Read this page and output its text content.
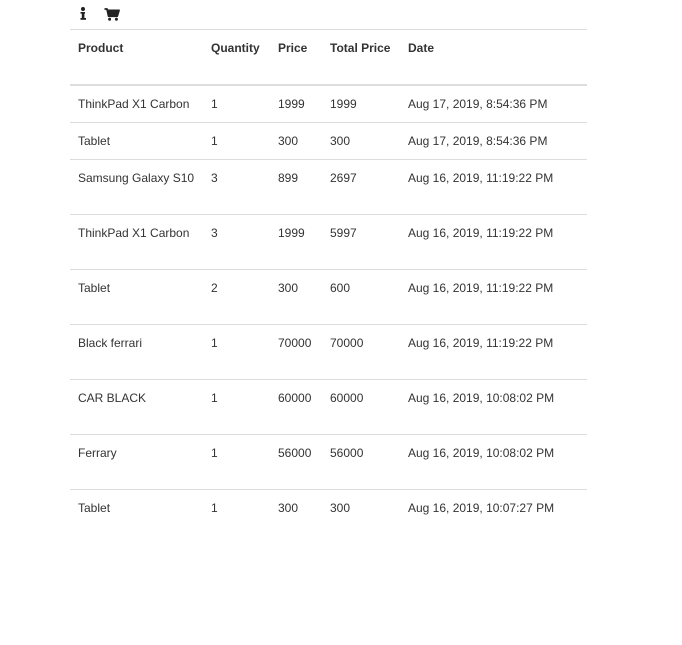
Product	Quantity	Price	Total Price	Date
ThinkPad X1 Carbon	1	1999	1999	Aug 17, 2019, 8:54:36 PM
Tablet	1	300	300	Aug 17, 2019, 8:54:36 PM
Samsung Galaxy S10	3	899	2697	Aug 16, 2019, 11:19:22 PM
ThinkPad X1 Carbon	3	1999	5997	Aug 16, 2019, 11:19:22 PM
Tablet	2	300	600	Aug 16, 2019, 11:19:22 PM
Black ferrari	1	70000	70000	Aug 16, 2019, 11:19:22 PM
CAR BLACK	1	60000	60000	Aug 16, 2019, 10:08:02 PM
Ferrary	1	56000	56000	Aug 16, 2019, 10:08:02 PM
Tablet	1	300	300	Aug 16, 2019, 10:07:27 PM
